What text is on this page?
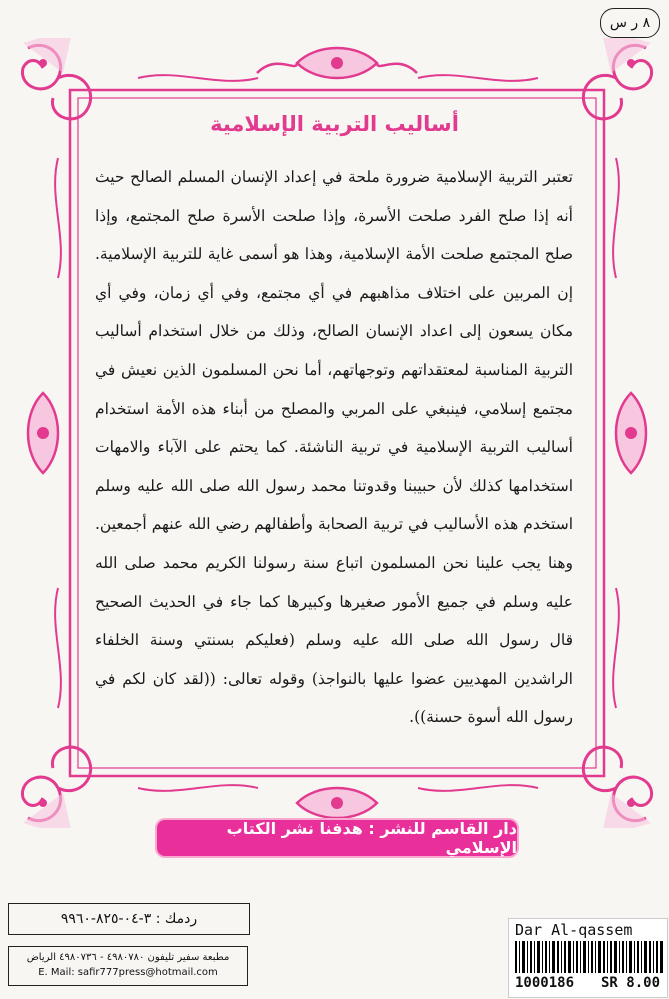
٨ ر س
أساليب التربية الإسلامية

تعتبر التربية الإسلامية ضرورة ملحة في إعداد الإنسان المسلم الصالح حيث أنه إذا صلح الفرد صلحت الأسرة، وإذا صلحت الأسرة صلح المجتمع، وإذا صلح المجتمع صلحت الأمة الإسلامية، وهذا هو أسمى غاية للتربية الإسلامية. إن المربين على اختلاف مذاهبهم في أي مجتمع، وفي أي زمان، وفي أي مكان يسعون إلى اعداد الإنسان الصالح، وذلك من خلال استخدام أساليب التربية المناسبة لمعتقداتهم وتوجهاتهم، أما نحن المسلمون الذين نعيش في مجتمع إسلامي، فينبغي على المربي والمصلح من أبناء هذه الأمة استخدام أساليب التربية الإسلامية في تربية الناشئة. كما يحتم على الآباء والامهات استخدامها كذلك لأن حبيبنا وقدوتنا محمد رسول الله صلى الله عليه وسلم استخدم هذه الأساليب في تربية الصحابة وأطفالهم رضي الله عنهم أجمعين. وهنا يجب علينا نحن المسلمون اتباع سنة رسولنا الكريم محمد صلى الله عليه وسلم في جميع الأمور صغيرها وكبيرها كما جاء في الحديث الصحيح قال رسول الله صلى الله عليه وسلم (فعليكم بسنتي وسنة الخلفاء الراشدين المهديين عضوا عليها بالنواجذ) وقوله تعالى: ((لقد كان لكم في رسول الله أسوة حسنة)).

دار القاسم للنشر : هدفنا نشر الكتاب الإسلامي
ردمك : ٣-٠٤-٨٢٥-٩٩٦٠
مطبعة سفير تليفون ٤٩٨٠٧٨٠ - ٤٩٨٠٧٣٦ الرياض
E. Mail: safir777press@hotmail.com
Dar Al-qassem
1000186 SR 8.00
